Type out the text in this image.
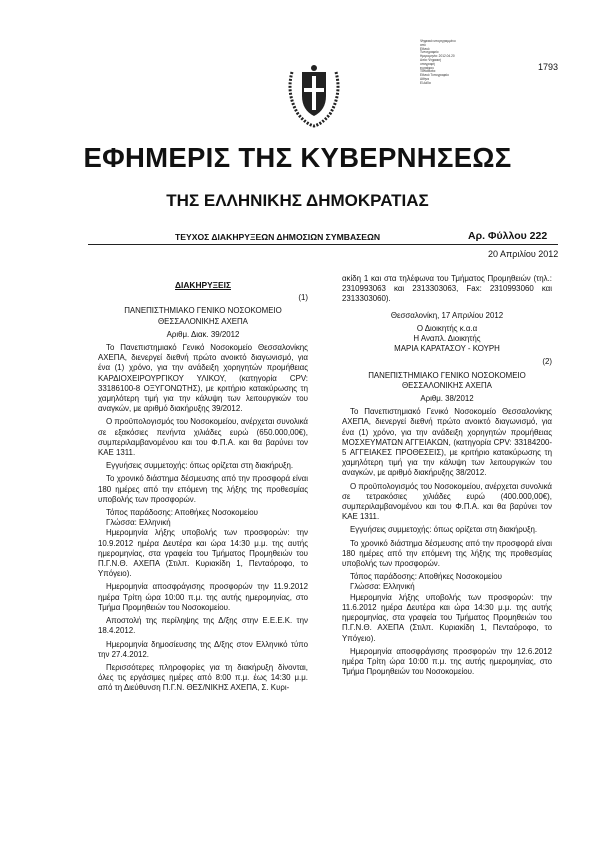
Ψηφιακά υπογεγραμμένο από
Εθνικό
Τυπογραφείο
Ημερομηνία: 2012.04.20
Αιτία: Ψηφιακή
υπογραφή
εγγράφου
Τοποθεσία:
Εθνικό Τυπογραφείο
Αθήνα
Ελλάδα
1793
ΕΦΗΜΕΡΙΣ ΤΗΣ ΚΥΒΕΡΝΗΣΕΩΣ
ΤΗΣ ΕΛΛΗΝΙΚΗΣ ΔΗΜΟΚΡΑΤΙΑΣ
ΤΕΥΧΟΣ ΔΙΑΚΗΡΥΞΕΩΝ ΔΗΜΟΣΙΩΝ ΣΥΜΒΑΣΕΩΝ	Αρ. Φύλλου 222
20 Απριλίου 2012

ΔΙΑΚΗΡΥΞΕΙΣ

(1)

ΠΑΝΕΠΙΣΤΗΜΙΑΚΟ ΓΕΝΙΚΟ ΝΟΣΟΚΟΜΕΙΟ

ΘΕΣΣΑΛΟΝΙΚΗΣ ΑΧΕΠΑ

Αριθμ. Διακ. 39/2012

Το Πανεπιστημιακό Γενικό Νοσοκομείο Θεσσαλονίκης ΑΧΕΠΑ, διενεργεί διεθνή πρώτο ανοικτό διαγωνισμό, για ένα (1) χρόνο, για την ανάδειξη χορηγητών προμήθειας ΚΑΡΔΙΟΧΕΙΡΟΥΡΓΙΚΟΥ ΥΛΙΚΟΥ, (κατηγορία CPV: 33186100-8 ΟΞΥΓΟΝΩΤΗΣ), με κριτήριο κατακύρωσης τη χαμηλότερη τιμή για την κάλυψη των λειτουργικών του αναγκών, με αριθμό διακήρυξης 39/2012.

Ο προϋπολογισμός του Νοσοκομείου, ανέρχεται συνολικά σε εξακόσιες πενήντα χιλιάδες ευρώ (650.000,00€), συμπεριλαμβανομένου και του Φ.Π.Α. και θα βαρύνει τον ΚΑΕ 1311.

Εγγυήσεις συμμετοχής: όπως ορίζεται στη διακήρυξη.

Το χρονικό διάστημα δέσμευσης από την προσφορά είναι 180 ημέρες από την επόμενη της λήξης της προθεσμίας υποβολής των προσφορών.

Τόπος παράδοσης: Αποθήκες Νοσοκομείου

Γλώσσα: Ελληνική

Ημερομηνία λήξης υποβολής των προσφορών: την 10.9.2012 ημέρα Δευτέρα και ώρα 14:30 μ.μ. της αυτής ημερομηνίας, στα γραφεία του Τμήματος Προμηθειών του Π.Γ.Ν.Θ. ΑΧΕΠΑ (Στιλπ. Κυριακίδη 1, Πενταόροφο, το Υπόγειο).

Ημερομηνία αποσφράγισης προσφορών την 11.9.2012 ημέρα Τρίτη ώρα 10:00 π.μ. της αυτής ημερομηνίας, στο Τμήμα Προμηθειών του Νοσοκομείου.

Αποστολή της περίληψης της Δ/ξης στην Ε.Ε.Ε.Κ. την 18.4.2012.

Ημερομηνία δημοσίευσης της Δ/ξης στον Ελληνικό τύπο την 27.4.2012.

Περισσότερες πληροφορίες για τη διακήρυξη δίνονται, όλες τις εργάσιμες ημέρες από 8:00 π.μ. έως 14:30 μ.μ. από τη Διεύθυνση Π.Γ.Ν. ΘΕΣ/ΝΙΚΗΣ ΑΧΕΠΑ, Σ. Κυρι-

ακίδη 1 και στα τηλέφωνα του Τμήματος Προμηθειών (τηλ.: 2310993063 και 2313303063, Fax: 2310993060 και 2313303060).

Θεσσαλονίκη, 17 Απριλίου 2012

Ο Διοικητής κ.α.α

Η Αναπλ. Διοικητής

ΜΑΡΙΑ ΚΑΡΑΤΑΣΟΥ - ΚΟΥΡΗ

(2)

ΠΑΝΕΠΙΣΤΗΜΙΑΚΟ ΓΕΝΙΚΟ ΝΟΣΟΚΟΜΕΙΟ

ΘΕΣΣΑΛΟΝΙΚΗΣ ΑΧΕΠΑ

Αριθμ. 38/2012

Το Πανεπιστημιακό Γενικό Νοσοκομείο Θεσσαλονίκης ΑΧΕΠΑ, διενεργεί διεθνή πρώτο ανοικτό διαγωνισμό, για ένα (1) χρόνο, για την ανάδειξη χορηγητών προμήθειας ΜΟΣΧΕΥΜΑΤΩΝ ΑΓΓΕΙΑΚΩΝ, (κατηγορία CPV: 33184200-5 ΑΓΓΕΙΑΚΕΣ ΠΡΟΘΕΣΕΙΣ), με κριτήριο κατακύρωσης τη χαμηλότερη τιμή για την κάλυψη των λειτουργικών του αναγκών, με αριθμό διακήρυξης 38/2012.

Ο προϋπολογισμός του Νοσοκομείου, ανέρχεται συνολικά σε τετρακόσιες χιλιάδες ευρώ (400.000,00€), συμπεριλαμβανομένου και του Φ.Π.Α. και θα βαρύνει τον ΚΑΕ 1311.

Εγγυήσεις συμμετοχής: όπως ορίζεται στη διακήρυξη.

Το χρονικό διάστημα δέσμευσης από την προσφορά είναι 180 ημέρες από την επόμενη της λήξης της προθεσμίας υποβολής των προσφορών.

Τόπος παράδοσης: Αποθήκες Νοσοκομείου

Γλώσσα: Ελληνική

Ημερομηνία λήξης υποβολής των προσφορών: την 11.6.2012 ημέρα Δευτέρα και ώρα 14:30 μ.μ. της αυτής ημερομηνίας, στα γραφεία του Τμήματος Προμηθειών του Π.Γ.Ν.Θ. ΑΧΕΠΑ (Στιλπ. Κυριακίδη 1, Πενταόροφο, το Υπόγειο).

Ημερομηνία αποσφράγισης προσφορών την 12.6.2012 ημέρα Τρίτη ώρα 10:00 π.μ. της αυτής ημερομηνίας, στο Τμήμα Προμηθειών του Νοσοκομείου.
